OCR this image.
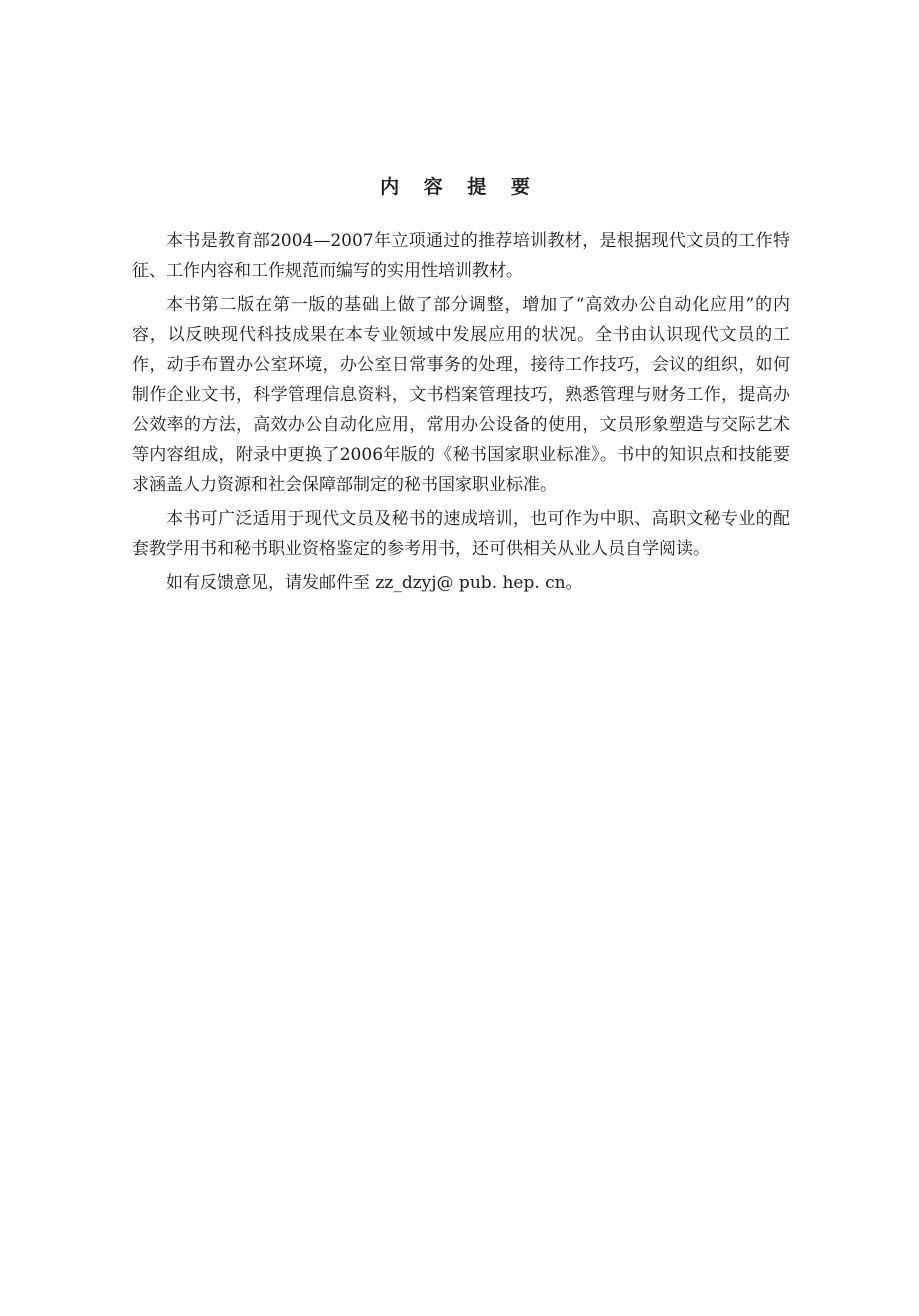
内 容 提 要

本书是教育部2004—2007年立项通过的推荐培训教材，是根据现代文员的工作特征、工作内容和工作规范而编写的实用性培训教材。

本书第二版在第一版的基础上做了部分调整，增加了“高效办公自动化应用”的内容，以反映现代科技成果在本专业领域中发展应用的状况。全书由认识现代文员的工作，动手布置办公室环境，办公室日常事务的处理，接待工作技巧，会议的组织，如何制作企业文书，科学管理信息资料，文书档案管理技巧，熟悉管理与财务工作，提高办公效率的方法，高效办公自动化应用，常用办公设备的使用，文员形象塑造与交际艺术等内容组成，附录中更换了2006年版的《秘书国家职业标准》。书中的知识点和技能要求涵盖人力资源和社会保障部制定的秘书国家职业标准。

本书可广泛适用于现代文员及秘书的速成培训，也可作为中职、高职文秘专业的配套教学用书和秘书职业资格鉴定的参考用书，还可供相关从业人员自学阅读。

如有反馈意见，请发邮件至 zz_dzyj@ pub. hep. cn。
